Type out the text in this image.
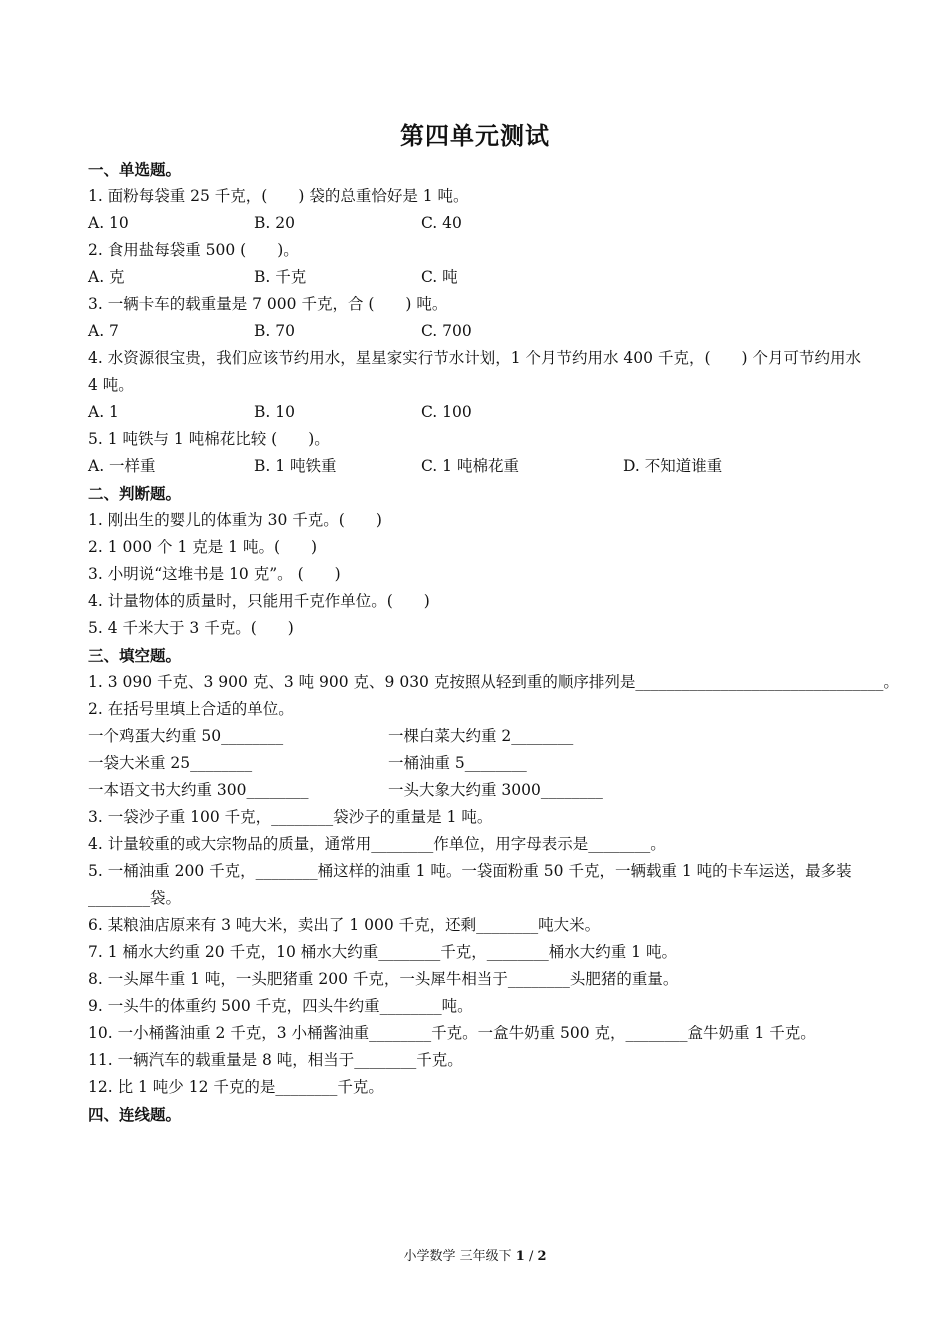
第四单元测试
一、单选题。
1. 面粉每袋重 25 千克，(　　) 袋的总重恰好是 1 吨。
A. 10	B. 20	C. 40
2. 食用盐每袋重 500 (　　)。
A. 克	B. 千克	C. 吨
3. 一辆卡车的载重量是 7 000 千克，合 (　　) 吨。
A. 7	B. 70	C. 700
4. 水资源很宝贵，我们应该节约用水，星星家实行节水计划，1 个月节约用水 400 千克，(　　) 个月可节约用水 4 吨。
A. 1	B. 10	C. 100
5. 1 吨铁与 1 吨棉花比较 (　　)。
A. 一样重	B. 1 吨铁重	C. 1 吨棉花重	D. 不知道谁重
二、判断题。
1. 刚出生的婴儿的体重为 30 千克。(　　)
2. 1 000 个 1 克是 1 吨。(　　)
3. 小明说“这堆书是 10 克”。 (　　)
4. 计量物体的质量时，只能用千克作单位。(　　)
5. 4 千米大于 3 千克。(　　)
三、填空题。
1. 3 090 千克、3 900 克、3 吨 900 克、9 030 克按照从轻到重的顺序排列是________________________________。
2. 在括号里填上合适的单位。
一个鸡蛋大约重 50________	一棵白菜大约重 2________
一袋大米重 25________	一桶油重 5________
一本语文书大约重 300________	一头大象大约重 3000________
3. 一袋沙子重 100 千克，________袋沙子的重量是 1 吨。
4. 计量较重的或大宗物品的质量，通常用________作单位，用字母表示是________。
5. 一桶油重 200 千克，________桶这样的油重 1 吨。一袋面粉重 50 千克，一辆载重 1 吨的卡车运送，最多装________袋。
6. 某粮油店原来有 3 吨大米，卖出了 1 000 千克，还剩________吨大米。
7. 1 桶水大约重 20 千克，10 桶水大约重________千克，________桶水大约重 1 吨。
8. 一头犀牛重 1 吨，一头肥猪重 200 千克，一头犀牛相当于________头肥猪的重量。
9. 一头牛的体重约 500 千克，四头牛约重________吨。
10. 一小桶酱油重 2 千克，3 小桶酱油重________千克。一盒牛奶重 500 克，________盒牛奶重 1 千克。
11. 一辆汽车的载重量是 8 吨，相当于________千克。
12. 比 1 吨少 12 千克的是________千克。
四、连线题。
小学数学 三年级下 1 / 2
